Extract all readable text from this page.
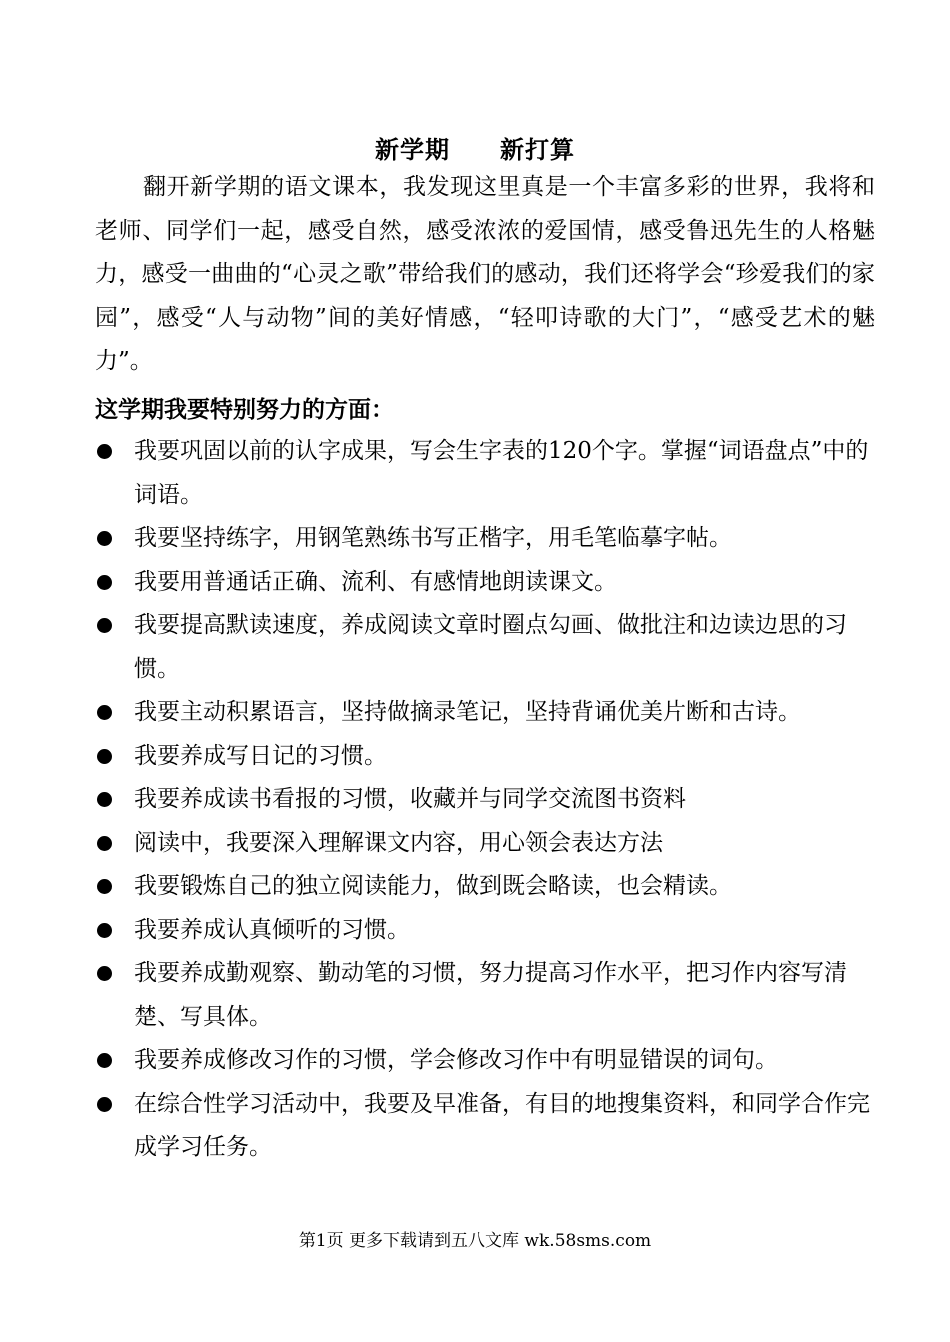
新学期　　新打算
翻开新学期的语文课本，我发现这里真是一个丰富多彩的世界，我将和老师、同学们一起，感受自然，感受浓浓的爱国情，感受鲁迅先生的人格魅力，感受一曲曲的“心灵之歌”带给我们的感动，我们还将学会“珍爱我们的家园”，感受“人与动物”间的美好情感，“轻叩诗歌的大门”，“感受艺术的魅力”。
这学期我要特别努力的方面：
我要巩固以前的认字成果，写会生字表的120个字。掌握“词语盘点”中的词语。
我要坚持练字，用钢笔熟练书写正楷字，用毛笔临摹字帖。
我要用普通话正确、流利、有感情地朗读课文。
我要提高默读速度，养成阅读文章时圈点勾画、做批注和边读边思的习惯。
我要主动积累语言，坚持做摘录笔记，坚持背诵优美片断和古诗。
我要养成写日记的习惯。
我要养成读书看报的习惯，收藏并与同学交流图书资料
阅读中，我要深入理解课文内容，用心领会表达方法
我要锻炼自己的独立阅读能力，做到既会略读，也会精读。
我要养成认真倾听的习惯。
我要养成勤观察、勤动笔的习惯，努力提高习作水平，把习作内容写清楚、写具体。
我要养成修改习作的习惯，学会修改习作中有明显错误的词句。
在综合性学习活动中，我要及早准备，有目的地搜集资料，和同学合作完成学习任务。
第1页 更多下载请到五八文库 wk.58sms.com
